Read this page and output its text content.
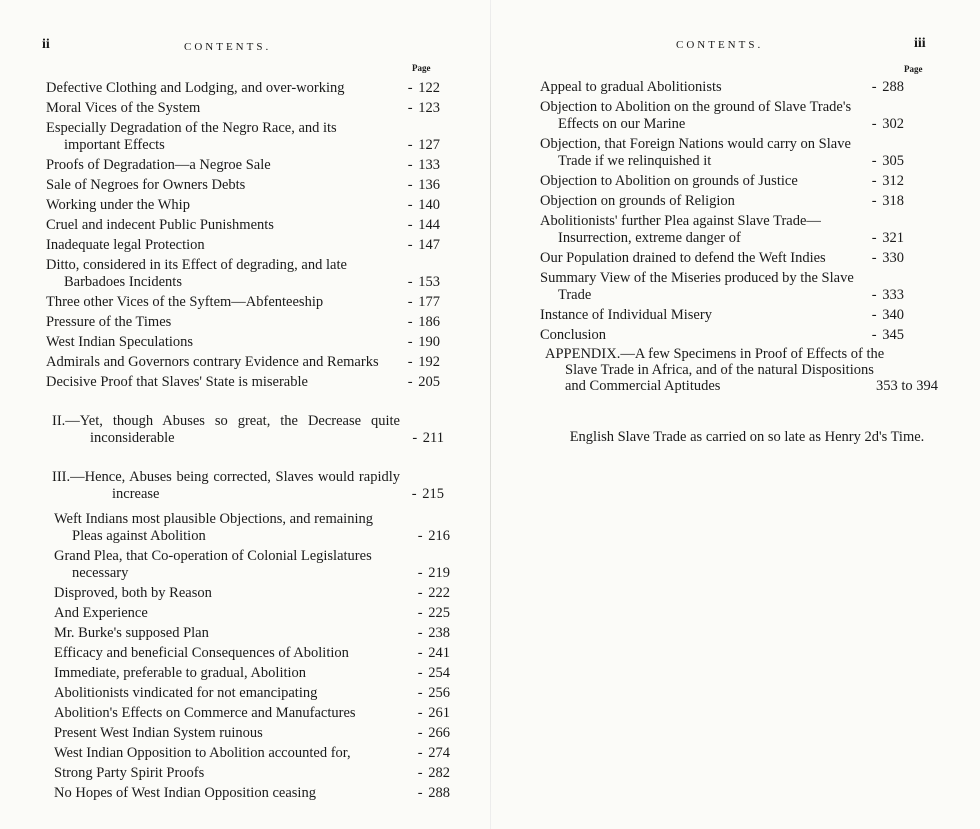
ii	CONTENTS.
Page
Defective Clothing and Lodging, and over-working	- 122
Moral Vices of the System	- 123
Especially Degradation of the Negro Race, and its important Effects	- 127
Proofs of Degradation—a Negroe Sale	- 133
Sale of Negroes for Owners Debts	- 136
Working under the Whip	- 140
Cruel and indecent Public Punishments	- 144
Inadequate legal Protection	- 147
Ditto, considered in its Effect of degrading, and late Barbadoes Incidents	- 153
Three other Vices of the Syftem—Abfenteeship	- 177
Pressure of the Times	- 186
West Indian Speculations	- 190
Admirals and Governors contrary Evidence and Remarks	- 192
Decisive Proof that Slaves' State is miserable	- 205
II.—Yet, though Abuses so great, the Decrease quite inconsiderable	- 211
III.—Hence, Abuses being corrected, Slaves would rapidly increase	- 215
Weft Indians most plausible Objections, and remaining Pleas against Abolition	- 216
Grand Plea, that Co-operation of Colonial Legislatures necessary	- 219
Disproved, both by Reason	- 222
And Experience	- 225
Mr. Burke's supposed Plan	- 238
Efficacy and beneficial Consequences of Abolition	- 241
Immediate, preferable to gradual, Abolition	- 254
Abolitionists vindicated for not emancipating	- 256
Abolition's Effects on Commerce and Manufactures	- 261
Present West Indian System ruinous	- 266
West Indian Opposition to Abolition accounted for,	- 274
Strong Party Spirit Proofs	- 282
No Hopes of West Indian Opposition ceasing	- 288
CONTENTS.	iii
Page
Appeal to gradual Abolitionists	- 288
Objection to Abolition on the ground of Slave Trade's Effects on our Marine	- 302
Objection, that Foreign Nations would carry on Slave Trade if we relinquished it	- 305
Objection to Abolition on grounds of Justice	- 312
Objection on grounds of Religion	- 318
Abolitionists' further Plea against Slave Trade—Insurrection, extreme danger of	- 321
Our Population drained to defend the Weft Indies	- 330
Summary View of the Miseries produced by the Slave Trade	- 333
Instance of Individual Misery	- 340
Conclusion	- 345
APPENDIX.—A few Specimens in Proof of Effects of the Slave Trade in Africa, and of the natural Dispositions and Commercial Aptitudes	353 to 394
English Slave Trade as carried on so late as Henry 2d's Time.
